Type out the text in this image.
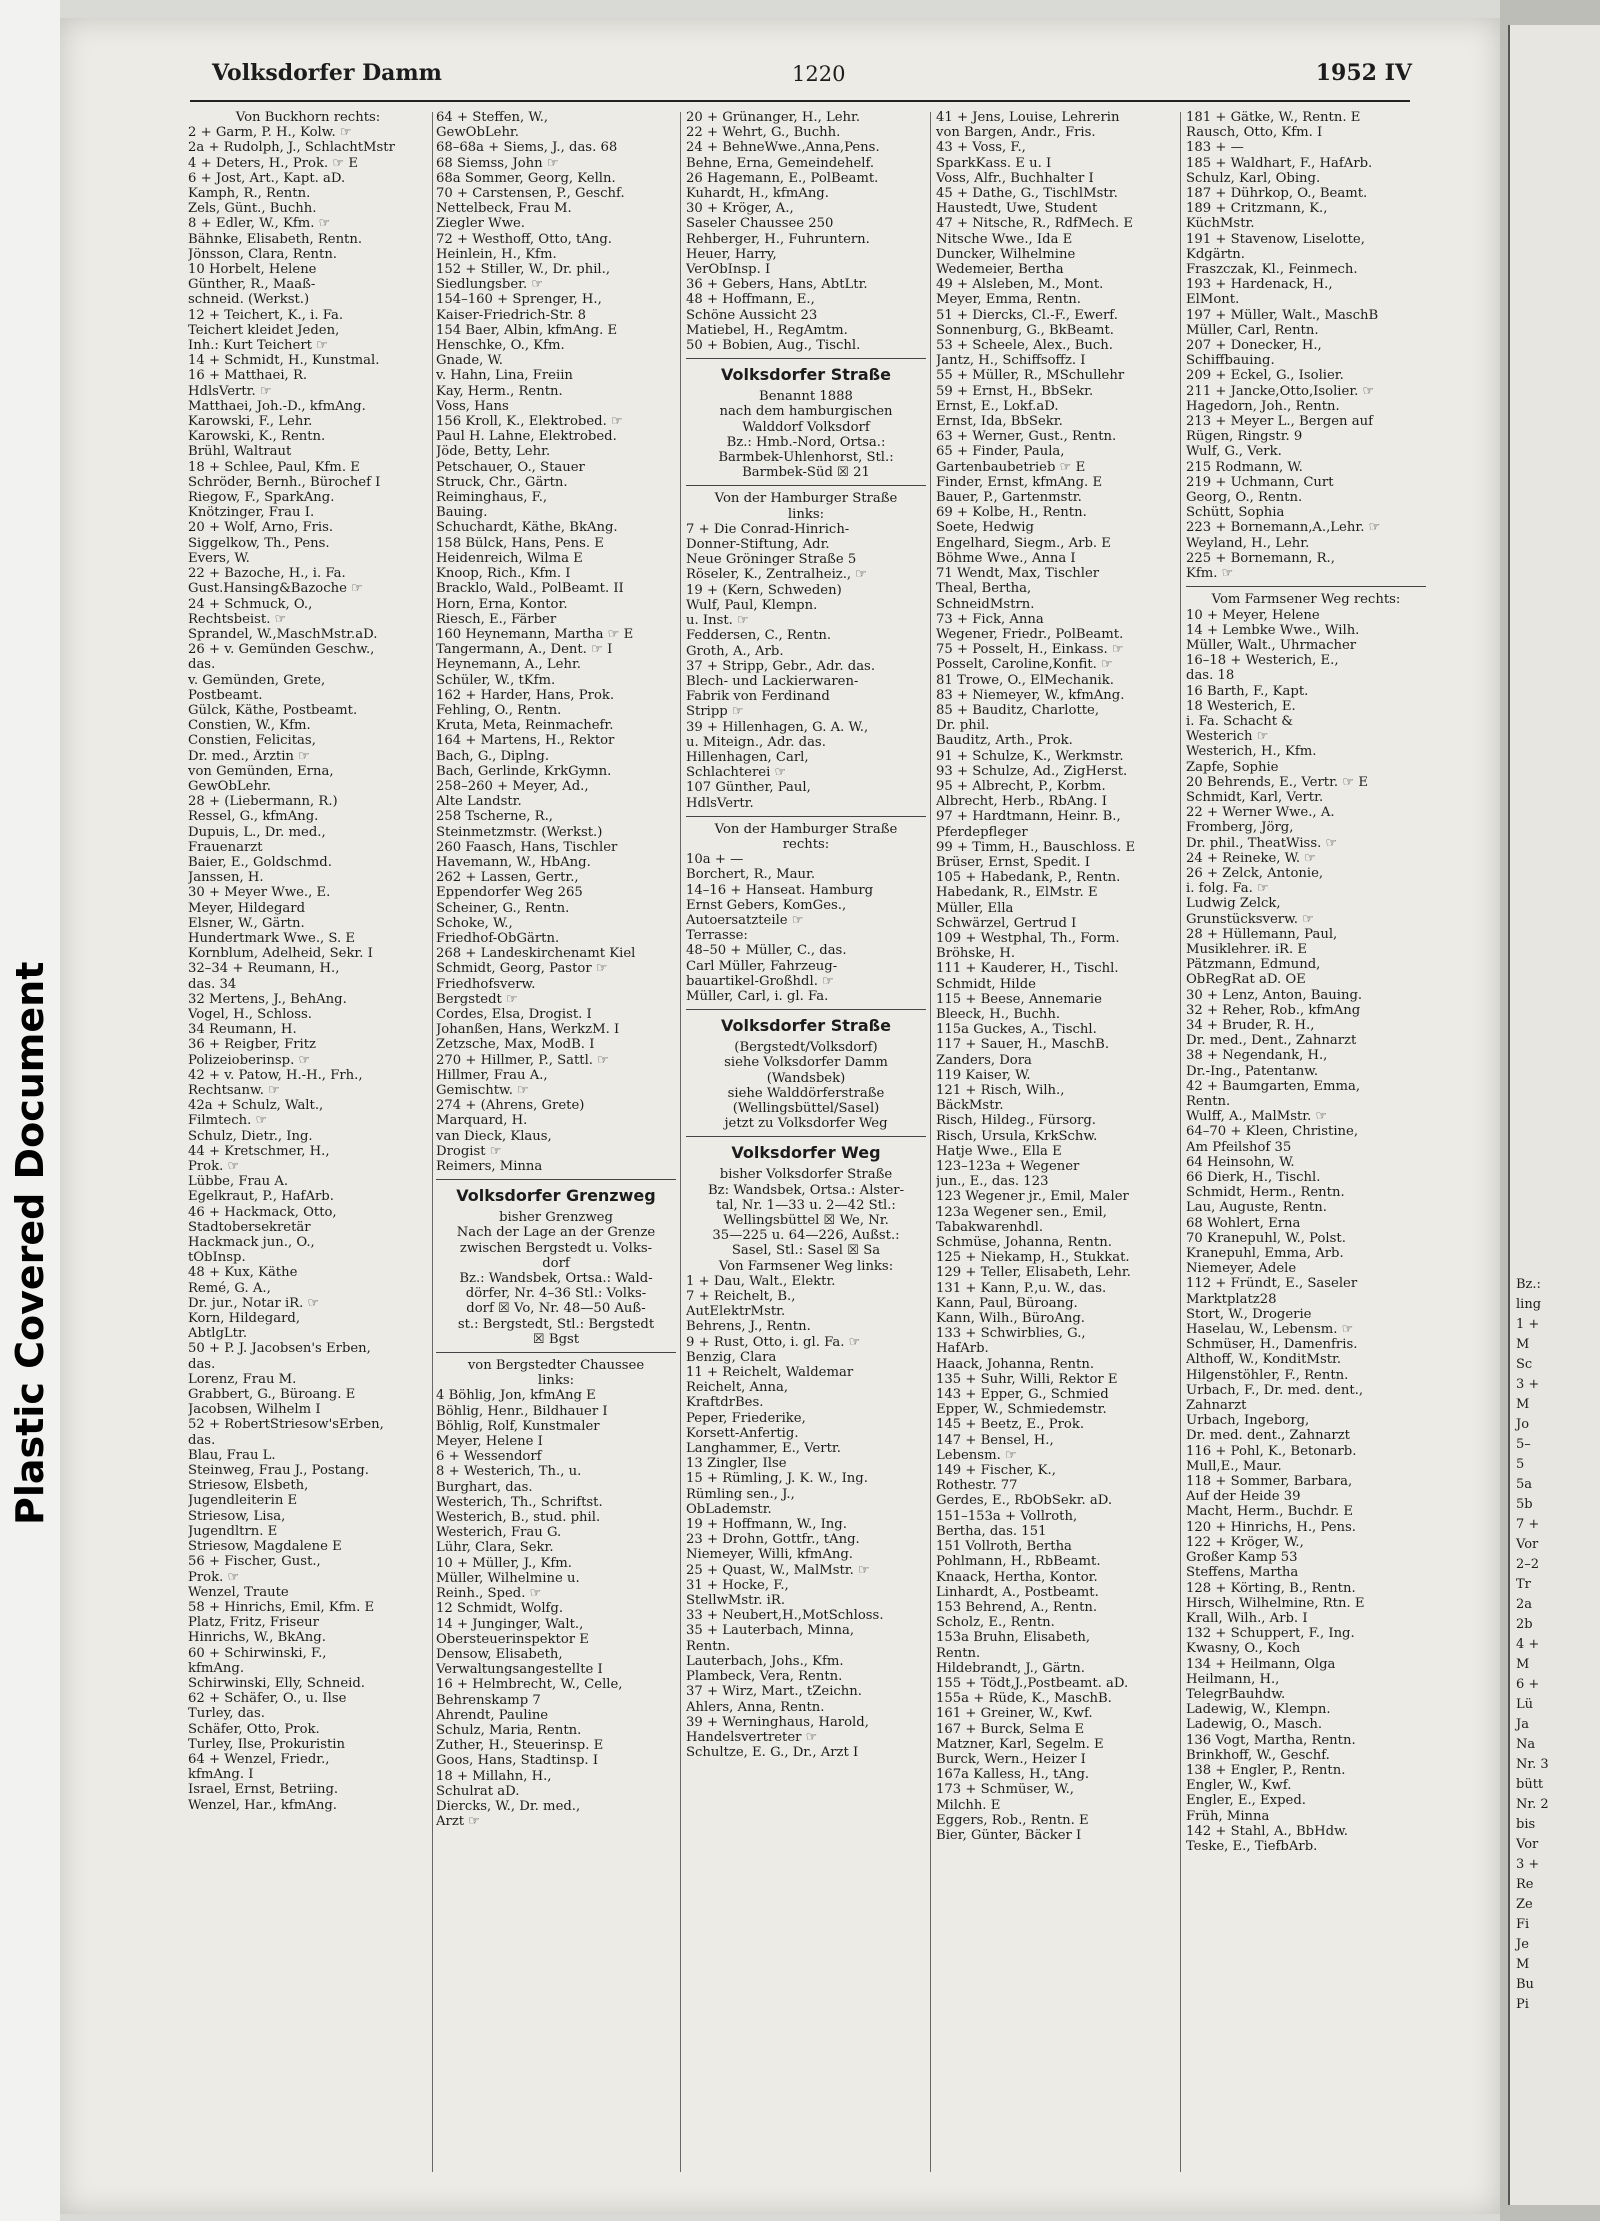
Plastic Covered Document	Bz.:
ling
1 +
M
Sc
3 +
M
Jo
5–
5
5a
5b
7 +
Vor
2–2
Tr
2a
2b
4 +
M
6 +
Lü
Ja
Na
Nr. 3
bütt
Nr. 2
bis
Vor
3 +
Re
Ze
Fi
Je
M
Bu
Pi
Volksdorfer Damm	1220	1952 IV
Von Buckhorn rechts:
2 + Garm, P. H., Kolw. ☞
2a + Rudolph, J., SchlachtMstr
4 + Deters, H., Prok. ☞ E
6 + Jost, Art., Kapt. aD.
Kamph, R., Rentn.
Zels, Günt., Buchh.
8 + Edler, W., Kfm. ☞
Bähnke, Elisabeth, Rentn.
Jönsson, Clara, Rentn.
10 Horbelt, Helene
Günther, R., Maaß-
schneid. (Werkst.)
12 + Teichert, K., i. Fa.
Teichert kleidet Jeden,
Inh.: Kurt Teichert ☞
14 + Schmidt, H., Kunstmal.
16 + Matthaei, R.
HdlsVertr. ☞
Matthaei, Joh.-D., kfmAng.
Karowski, F., Lehr.
Karowski, K., Rentn.
Brühl, Waltraut
18 + Schlee, Paul, Kfm. E
Schröder, Bernh., Bürochef I
Riegow, F., SparkAng.
Knötzinger, Frau I.
20 + Wolf, Arno, Fris.
Siggelkow, Th., Pens.
Evers, W.
22 + Bazoche, H., i. Fa.
Gust.Hansing&Bazoche ☞
24 + Schmuck, O.,
Rechtsbeist. ☞
Sprandel, W.,MaschMstr.aD.
26 + v. Gemünden Geschw.,
das.
v. Gemünden, Grete,
Postbeamt.
Gülck, Käthe, Postbeamt.
Constien, W., Kfm.
Constien, Felicitas,
Dr. med., Ärztin ☞
von Gemünden, Erna,
GewObLehr.
28 + (Liebermann, R.)
Ressel, G., kfmAng.
Dupuis, L., Dr. med.,
Frauenarzt
Baier, E., Goldschmd.
Janssen, H.
30 + Meyer Wwe., E.
Meyer, Hildegard
Elsner, W., Gärtn.
Hundertmark Wwe., S. E
Kornblum, Adelheid, Sekr. I
32–34 + Reumann, H.,
das. 34
32 Mertens, J., BehAng.
Vogel, H., Schloss.
34 Reumann, H.
36 + Reigber, Fritz
Polizeioberinsp. ☞
42 + v. Patow, H.-H., Frh.,
Rechtsanw. ☞
42a + Schulz, Walt.,
Filmtech. ☞
Schulz, Dietr., Ing.
44 + Kretschmer, H.,
Prok. ☞
Lübbe, Frau A.
Egelkraut, P., HafArb.
46 + Hackmack, Otto,
Stadtobersekretär
Hackmack jun., O.,
tObInsp.
48 + Kux, Käthe
Remé, G. A.,
Dr. jur., Notar iR. ☞
Korn, Hildegard,
AbtlgLtr.
50 + P. J. Jacobsen's Erben,
das.
Lorenz, Frau M.
Grabbert, G., Büroang. E
Jacobsen, Wilhelm I
52 + RobertStriesow'sErben,
das.
Blau, Frau L.
Steinweg, Frau J., Postang.
Striesow, Elsbeth,
Jugendleiterin E
Striesow, Lisa,
Jugendltrn. E
Striesow, Magdalene E
56 + Fischer, Gust.,
Prok. ☞
Wenzel, Traute
58 + Hinrichs, Emil, Kfm. E
Platz, Fritz, Friseur
Hinrichs, W., BkAng.
60 + Schirwinski, F.,
kfmAng.
Schirwinski, Elly, Schneid.
62 + Schäfer, O., u. Ilse
Turley, das.
Schäfer, Otto, Prok.
Turley, Ilse, Prokuristin
64 + Wenzel, Friedr.,
kfmAng. I
Israel, Ernst, Betriing.
Wenzel, Har., kfmAng.
64 + Steffen, W.,
GewObLehr.
68–68a + Siems, J., das. 68
68 Siemss, John ☞
68a Sommer, Georg, Kelln.
70 + Carstensen, P., Geschf.
Nettelbeck, Frau M.
Ziegler Wwe.
72 + Westhoff, Otto, tAng.
Heinlein, H., Kfm.
152 + Stiller, W., Dr. phil.,
Siedlungsber. ☞
154–160 + Sprenger, H.,
Kaiser-Friedrich-Str. 8
154 Baer, Albin, kfmAng. E
Henschke, O., Kfm.
Gnade, W.
v. Hahn, Lina, Freiin
Kay, Herm., Rentn.
Voss, Hans
156 Kroll, K., Elektrobed. ☞
Paul H. Lahne, Elektrobed.
Jöde, Betty, Lehr.
Petschauer, O., Stauer
Struck, Chr., Gärtn.
Reiminghaus, F.,
Bauing.
Schuchardt, Käthe, BkAng.
158 Bülck, Hans, Pens. E
Heidenreich, Wilma E
Knoop, Rich., Kfm. I
Bracklo, Wald., PolBeamt. II
Horn, Erna, Kontor.
Riesch, E., Färber
160 Heynemann, Martha ☞ E
Tangermann, A., Dent. ☞ I
Heynemann, A., Lehr.
Schüler, W., tKfm.
162 + Harder, Hans, Prok.
Fehling, O., Rentn.
Kruta, Meta, Reinmachefr.
164 + Martens, H., Rektor
Bach, G., Diplng.
Bach, Gerlinde, KrkGymn.
258–260 + Meyer, Ad.,
Alte Landstr.
258 Tscherne, R.,
Steinmetzmstr. (Werkst.)
260 Faasch, Hans, Tischler
Havemann, W., HbAng.
262 + Lassen, Gertr.,
Eppendorfer Weg 265
Scheiner, G., Rentn.
Schoke, W.,
Friedhof-ObGärtn.
268 + Landeskirchenamt Kiel
Schmidt, Georg, Pastor ☞
Friedhofsverw.
Bergstedt ☞
Cordes, Elsa, Drogist. I
Johanßen, Hans, WerkzM. I
Zetzsche, Max, ModB. I
270 + Hillmer, P., Sattl. ☞
Hillmer, Frau A.,
Gemischtw. ☞
274 + (Ahrens, Grete)
Marquard, H.
van Dieck, Klaus,
Drogist ☞
Reimers, Minna
Volksdorfer Grenzweg
bisher Grenzweg
Nach der Lage an der Grenze
zwischen Bergstedt u. Volks-
dorf
Bz.: Wandsbek, Ortsa.: Wald-
dörfer, Nr. 4–36 Stl.: Volks-
dorf ☒ Vo, Nr. 48—50 Auß-
st.: Bergstedt, Stl.: Bergstedt
☒ Bgst
von Bergstedter Chaussee
links:
4 Böhlig, Jon, kfmAng E
Böhlig, Henr., Bildhauer I
Böhlig, Rolf, Kunstmaler
Meyer, Helene I
6 + Wessendorf
8 + Westerich, Th., u.
Burghart, das.
Westerich, Th., Schriftst.
Westerich, B., stud. phil.
Westerich, Frau G.
Lühr, Clara, Sekr.
10 + Müller, J., Kfm.
Müller, Wilhelmine u.
Reinh., Sped. ☞
12 Schmidt, Wolfg.
14 + Junginger, Walt.,
Obersteuerinspektor E
Densow, Elisabeth,
Verwaltungsangestellte I
16 + Helmbrecht, W., Celle,
Behrenskamp 7
Ahrendt, Pauline
Schulz, Maria, Rentn.
Zuther, H., Steuerinsp. E
Goos, Hans, Stadtinsp. I
18 + Millahn, H.,
Schulrat aD.
Diercks, W., Dr. med.,
Arzt ☞
20 + Grünanger, H., Lehr.
22 + Wehrt, G., Buchh.
24 + BehneWwe.,Anna,Pens.
Behne, Erna, Gemeindehelf.
26 Hagemann, E., PolBeamt.
Kuhardt, H., kfmAng.
30 + Kröger, A.,
Saseler Chaussee 250
Rehberger, H., Fuhruntern.
Heuer, Harry,
VerObInsp. I
36 + Gebers, Hans, AbtLtr.
48 + Hoffmann, E.,
Schöne Aussicht 23
Matiebel, H., RegAmtm.
50 + Bobien, Aug., Tischl.
Volksdorfer Straße
Benannt 1888
nach dem hamburgischen
Walddorf Volksdorf
Bz.: Hmb.-Nord, Ortsa.:
Barmbek-Uhlenhorst, Stl.:
Barmbek-Süd ☒ 21
Von der Hamburger Straße
links:
7 + Die Conrad-Hinrich-
Donner-Stiftung, Adr.
Neue Gröninger Straße 5
Röseler, K., Zentralheiz., ☞
19 + (Kern, Schweden)
Wulf, Paul, Klempn.
u. Inst. ☞
Feddersen, C., Rentn.
Groth, A., Arb.
37 + Stripp, Gebr., Adr. das.
Blech- und Lackierwaren-
Fabrik von Ferdinand
Stripp ☞
39 + Hillenhagen, G. A. W.,
u. Miteign., Adr. das.
Hillenhagen, Carl,
Schlachterei ☞
107 Günther, Paul,
HdlsVertr.
Von der Hamburger Straße
rechts:
10a + —
Borchert, R., Maur.
14–16 + Hanseat. Hamburg
Ernst Gebers, KomGes.,
Autoersatzteile ☞
Terrasse:
48–50 + Müller, C., das.
Carl Müller, Fahrzeug-
bauartikel-Großhdl. ☞
Müller, Carl, i. gl. Fa.
Volksdorfer Straße
(Bergstedt/Volksdorf)
siehe Volksdorfer Damm
(Wandsbek)
siehe Walddörferstraße
(Wellingsbüttel/Sasel)
jetzt zu Volksdorfer Weg
Volksdorfer Weg
bisher Volksdorfer Straße
Bz: Wandsbek, Ortsa.: Alster-
tal, Nr. 1—33 u. 2—42 Stl.:
Wellingsbüttel ☒ We, Nr.
35—225 u. 64—226, Außst.:
Sasel, Stl.: Sasel ☒ Sa
Von Farmsener Weg links:
1 + Dau, Walt., Elektr.
7 + Reichelt, B.,
AutElektrMstr.
Behrens, J., Rentn.
9 + Rust, Otto, i. gl. Fa. ☞
Benzig, Clara
11 + Reichelt, Waldemar
Reichelt, Anna,
KraftdrBes.
Peper, Friederike,
Korsett-Anfertig.
Langhammer, E., Vertr.
13 Zingler, Ilse
15 + Rümling, J. K. W., Ing.
Rümling sen., J.,
ObLademstr.
19 + Hoffmann, W., Ing.
23 + Drohn, Gottfr., tAng.
Niemeyer, Willi, kfmAng.
25 + Quast, W., MalMstr. ☞
31 + Hocke, F.,
StellwMstr. iR.
33 + Neubert,H.,MotSchloss.
35 + Lauterbach, Minna,
Rentn.
Lauterbach, Johs., Kfm.
Plambeck, Vera, Rentn.
37 + Wirz, Mart., tZeichn.
Ahlers, Anna, Rentn.
39 + Werninghaus, Harold,
Handelsvertreter ☞
Schultze, E. G., Dr., Arzt I
41 + Jens, Louise, Lehrerin
von Bargen, Andr., Fris.
43 + Voss, F.,
SparkKass. E u. I
Voss, Alfr., Buchhalter I
45 + Dathe, G., TischlMstr.
Haustedt, Uwe, Student
47 + Nitsche, R., RdfMech. E
Nitsche Wwe., Ida E
Duncker, Wilhelmine
Wedemeier, Bertha
49 + Alsleben, M., Mont.
Meyer, Emma, Rentn.
51 + Diercks, Cl.-F., Ewerf.
Sonnenburg, G., BkBeamt.
53 + Scheele, Alex., Buch.
Jantz, H., Schiffsoffz. I
55 + Müller, R., MSchullehr
59 + Ernst, H., BbSekr.
Ernst, E., Lokf.aD.
Ernst, Ida, BbSekr.
63 + Werner, Gust., Rentn.
65 + Finder, Paula,
Gartenbaubetrieb ☞ E
Finder, Ernst, kfmAng. E
Bauer, P., Gartenmstr.
69 + Kolbe, H., Rentn.
Soete, Hedwig
Engelhard, Siegm., Arb. E
Böhme Wwe., Anna I
71 Wendt, Max, Tischler
Theal, Bertha,
SchneidMstrn.
73 + Fick, Anna
Wegener, Friedr., PolBeamt.
75 + Posselt, H., Einkass. ☞
Posselt, Caroline,Konfit. ☞
81 Trowe, O., ElMechanik.
83 + Niemeyer, W., kfmAng.
85 + Bauditz, Charlotte,
Dr. phil.
Bauditz, Arth., Prok.
91 + Schulze, K., Werkmstr.
93 + Schulze, Ad., ZigHerst.
95 + Albrecht, P., Korbm.
Albrecht, Herb., RbAng. I
97 + Hardtmann, Heinr. B.,
Pferdepfleger
99 + Timm, H., Bauschloss. E
Brüser, Ernst, Spedit. I
105 + Habedank, P., Rentn.
Habedank, R., ElMstr. E
Müller, Ella
Schwärzel, Gertrud I
109 + Westphal, Th., Form.
Bröhske, H.
111 + Kauderer, H., Tischl.
Schmidt, Hilde
115 + Beese, Annemarie
Bleeck, H., Buchh.
115a Guckes, A., Tischl.
117 + Sauer, H., MaschB.
Zanders, Dora
119 Kaiser, W.
121 + Risch, Wilh.,
BäckMstr.
Risch, Hildeg., Fürsorg.
Risch, Ursula, KrkSchw.
Hatje Wwe., Ella E
123–123a + Wegener
jun., E., das. 123
123 Wegener jr., Emil, Maler
123a Wegener sen., Emil,
Tabakwarenhdl.
Schmüse, Johanna, Rentn.
125 + Niekamp, H., Stukkat.
129 + Teller, Elisabeth, Lehr.
131 + Kann, P.,u. W., das.
Kann, Paul, Büroang.
Kann, Wilh., BüroAng.
133 + Schwirblies, G.,
HafArb.
Haack, Johanna, Rentn.
135 + Suhr, Willi, Rektor E
143 + Epper, G., Schmied
Epper, W., Schmiedemstr.
145 + Beetz, E., Prok.
147 + Bensel, H.,
Lebensm. ☞
149 + Fischer, K.,
Rothestr. 77
Gerdes, E., RbObSekr. aD.
151–153a + Vollroth,
Bertha, das. 151
151 Vollroth, Bertha
Pohlmann, H., RbBeamt.
Knaack, Hertha, Kontor.
Linhardt, A., Postbeamt.
153 Behrend, A., Rentn.
Scholz, E., Rentn.
153a Bruhn, Elisabeth,
Rentn.
Hildebrandt, J., Gärtn.
155 + Tödt,J.,Postbeamt. aD.
155a + Rüde, K., MaschB.
161 + Greiner, W., Kwf.
167 + Burck, Selma E
Matzner, Karl, Segelm. E
Burck, Wern., Heizer I
167a Kalless, H., tAng.
173 + Schmüser, W.,
Milchh. E
Eggers, Rob., Rentn. E
Bier, Günter, Bäcker I
181 + Gätke, W., Rentn. E
Rausch, Otto, Kfm. I
183 + —
185 + Waldhart, F., HafArb.
Schulz, Karl, Obing.
187 + Dührkop, O., Beamt.
189 + Critzmann, K.,
KüchMstr.
191 + Stavenow, Liselotte,
Kdgärtn.
Fraszczak, Kl., Feinmech.
193 + Hardenack, H.,
ElMont.
197 + Müller, Walt., MaschB
Müller, Carl, Rentn.
207 + Donecker, H.,
Schiffbauing.
209 + Eckel, G., Isolier.
211 + Jancke,Otto,Isolier. ☞
Hagedorn, Joh., Rentn.
213 + Meyer L., Bergen auf
Rügen, Ringstr. 9
Wulf, G., Verk.
215 Rodmann, W.
219 + Uchmann, Curt
Georg, O., Rentn.
Schütt, Sophia
223 + Bornemann,A.,Lehr. ☞
Weyland, H., Lehr.
225 + Bornemann, R.,
Kfm. ☞
Vom Farmsener Weg rechts:
10 + Meyer, Helene
14 + Lembke Wwe., Wilh.
Müller, Walt., Uhrmacher
16–18 + Westerich, E.,
das. 18
16 Barth, F., Kapt.
18 Westerich, E.
i. Fa. Schacht &
Westerich ☞
Westerich, H., Kfm.
Zapfe, Sophie
20 Behrends, E., Vertr. ☞ E
Schmidt, Karl, Vertr.
22 + Werner Wwe., A.
Fromberg, Jörg,
Dr. phil., TheatWiss. ☞
24 + Reineke, W. ☞
26 + Zelck, Antonie,
i. folg. Fa. ☞
Ludwig Zelck,
Grunstücksverw. ☞
28 + Hüllemann, Paul,
Musiklehrer. iR. E
Pätzmann, Edmund,
ObRegRat aD. OE
30 + Lenz, Anton, Bauing.
32 + Reher, Rob., kfmAng
34 + Bruder, R. H.,
Dr. med., Dent., Zahnarzt
38 + Negendank, H.,
Dr.-Ing., Patentanw.
42 + Baumgarten, Emma,
Rentn.
Wulff, A., MalMstr. ☞
64–70 + Kleen, Christine,
Am Pfeilshof 35
64 Heinsohn, W.
66 Dierk, H., Tischl.
Schmidt, Herm., Rentn.
Lau, Auguste, Rentn.
68 Wohlert, Erna
70 Kranepuhl, W., Polst.
Kranepuhl, Emma, Arb.
Niemeyer, Adele
112 + Fründt, E., Saseler
Marktplatz28
Stort, W., Drogerie
Haselau, W., Lebensm. ☞
Schmüser, H., Damenfris.
Althoff, W., KonditMstr.
Hilgenstöhler, F., Rentn.
Urbach, F., Dr. med. dent.,
Zahnarzt
Urbach, Ingeborg,
Dr. med. dent., Zahnarzt
116 + Pohl, K., Betonarb.
Mull,E., Maur.
118 + Sommer, Barbara,
Auf der Heide 39
Macht, Herm., Buchdr. E
120 + Hinrichs, H., Pens.
122 + Kröger, W.,
Großer Kamp 53
Steffens, Martha
128 + Körting, B., Rentn.
Hirsch, Wilhelmine, Rtn. E
Krall, Wilh., Arb. I
132 + Schuppert, F., Ing.
Kwasny, O., Koch
134 + Heilmann, Olga
Heilmann, H.,
TelegrBauhdw.
Ladewig, W., Klempn.
Ladewig, O., Masch.
136 Vogt, Martha, Rentn.
Brinkhoff, W., Geschf.
138 + Engler, P., Rentn.
Engler, W., Kwf.
Engler, E., Exped.
Früh, Minna
142 + Stahl, A., BbHdw.
Teske, E., TiefbArb.
